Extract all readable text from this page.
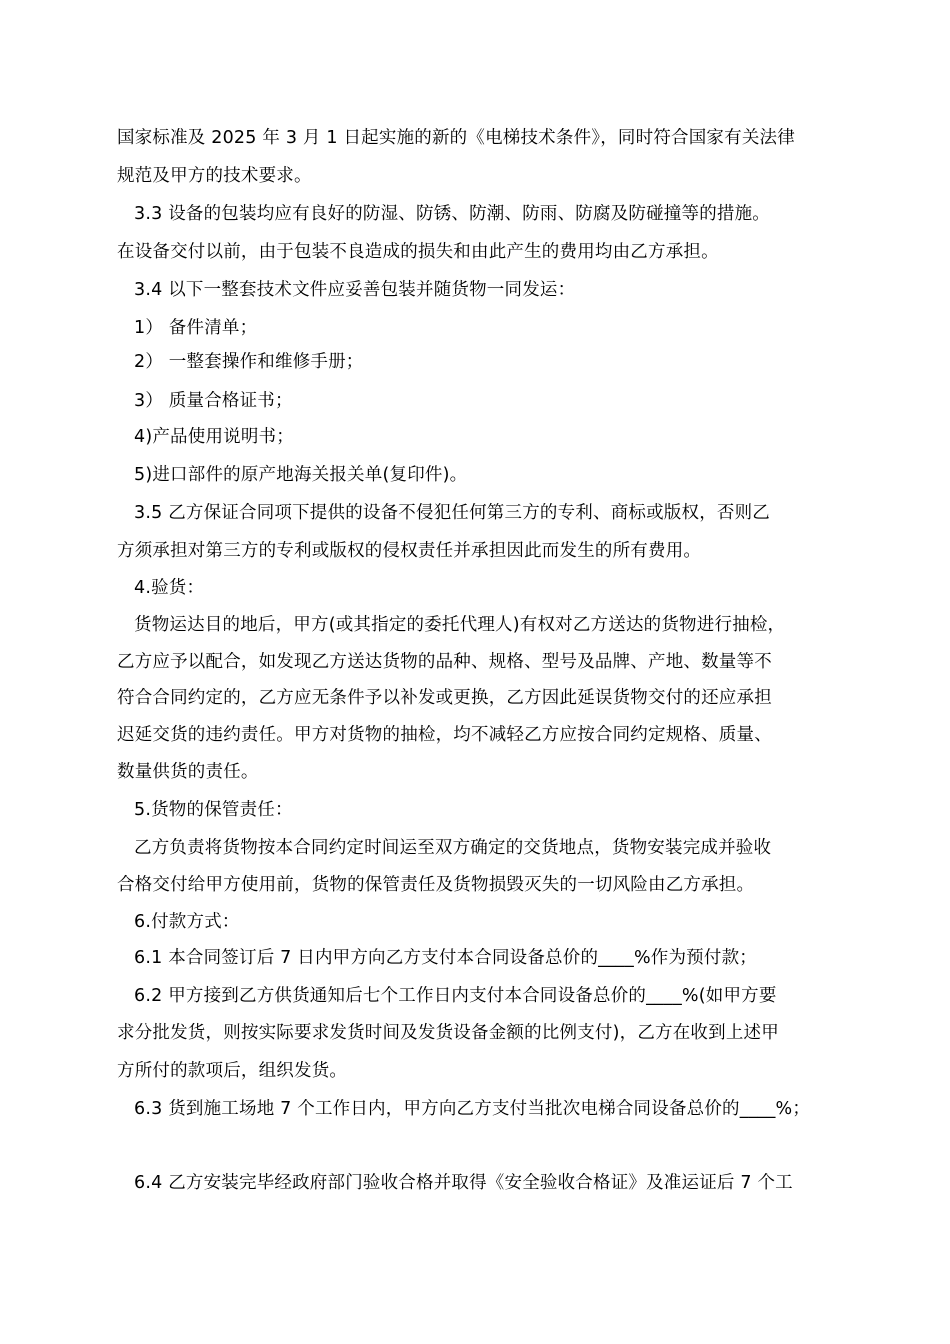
国家标准及 2025 年 3 月 1 日起实施的新的《电梯技术条件》，同时符合国家有关法律
规范及甲方的技术要求。
3.3 设备的包装均应有良好的防湿、防锈、防潮、防雨、防腐及防碰撞等的措施。
在设备交付以前，由于包装不良造成的损失和由此产生的费用均由乙方承担。
3.4 以下一整套技术文件应妥善包装并随货物一同发运：
1） 备件清单；
2） 一整套操作和维修手册；
3） 质量合格证书；
4)产品使用说明书；
5)进口部件的原产地海关报关单(复印件)。
3.5 乙方保证合同项下提供的设备不侵犯任何第三方的专利、商标或版权，否则乙
方须承担对第三方的专利或版权的侵权责任并承担因此而发生的所有费用。
4.验货：
货物运达目的地后，甲方(或其指定的委托代理人)有权对乙方送达的货物进行抽检，
乙方应予以配合，如发现乙方送达货物的品种、规格、型号及品牌、产地、数量等不
符合合同约定的，乙方应无条件予以补发或更换，乙方因此延误货物交付的还应承担
迟延交货的违约责任。甲方对货物的抽检，均不减轻乙方应按合同约定规格、质量、
数量供货的责任。
5.货物的保管责任：
乙方负责将货物按本合同约定时间运至双方确定的交货地点，货物安装完成并验收
合格交付给甲方使用前，货物的保管责任及货物损毁灭失的一切风险由乙方承担。
6.付款方式：
6.1 本合同签订后 7 日内甲方向乙方支付本合同设备总价的____%作为预付款；
6.2 甲方接到乙方供货通知后七个工作日内支付本合同设备总价的____%(如甲方要
求分批发货，则按实际要求发货时间及发货设备金额的比例支付)，乙方在收到上述甲
方所付的款项后，组织发货。
6.3 货到施工场地 7 个工作日内，甲方向乙方支付当批次电梯合同设备总价的____%；
6.4 乙方安装完毕经政府部门验收合格并取得《安全验收合格证》及准运证后 7 个工
